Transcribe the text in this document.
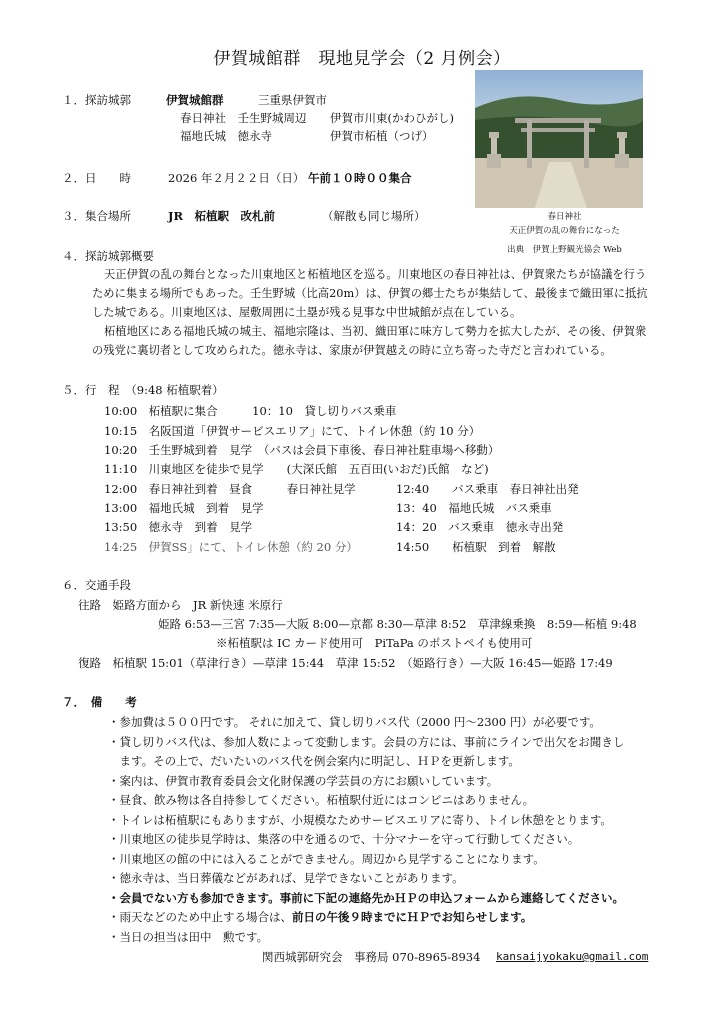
伊賀城館群　現地見学会（2 月例会）
１．探訪城郭	伊賀城館群	三重県伊賀市
春日神社　壬生野城周辺 伊賀市川東(かわひがし)
福地氏城　徳永寺	伊賀市柘植（つげ）
２．日　　時	2026 年２月２２日（日） 午前１０時００集合
３．集合場所	JR　柘植駅　改札前	（解散も同じ場所）	春日神社
天正伊賀の乱の舞台になった
出典　伊賀上野観光協会 Web
４．探訪城郭概要
天正伊賀の乱の舞台となった川東地区と柘植地区を巡る。川東地区の春日神社は、伊賀衆たちが協議を行うために集まる場所でもあった。壬生野城（比高20m）は、伊賀の郷士たちが集結して、最後まで織田軍に抵抗した城である。川東地区は、屋敷周囲に土塁が残る見事な中世城館が点在している。
柘植地区にある福地氏城の城主、福地宗隆は、当初、織田軍に味方して勢力を拡大したが、その後、伊賀衆の残党に裏切者として攻められた。徳永寺は、家康が伊賀越えの時に立ち寄った寺だと言われている。
５．行　程　（9:48 柘植駅着）
10:00　柘植駅に集合　　　10：10　貸し切りバス乗車
10:15　名阪国道「伊賀サービスエリア」にて、トイレ休憩（約 10 分）
10:20　壬生野城到着　見学　（バスは会員下車後、春日神社駐車場へ移動）
11:10　川東地区を徒歩で見学　　(大深氏館　五百田(いおだ)氏館　など)
12:00　春日神社到着　昼食　　　春日神社見学	12:40　　バス乗車　春日神社出発
13:00　福地氏城　到着　見学	13：40　福地氏城　バス乗車
13:50　徳永寺　到着　見学	14：20　バス乗車　徳永寺出発
14:25　伊賀SS」にて、トイレ休憩（約 20 分）	14:50　　柘植駅　到着　解散
６．交通手段
往路　姫路方面から　JR 新快速 米原行
姫路 6:53—三宮 7:35—大阪 8:00—京都 8:30—草津 8:52　草津線乗換　8:59—柘植 9:48
※柘植駅は IC カード使用可　PiTaPa のポストペイも使用可
復路　柘植駅 15:01（草津行き）—草津 15:44　草津 15:52　（姫路行き）—大阪 16:45—姫路 17:49
７．　備　　考
・参加費は５００円です。 それに加えて、貸し切りバス代（2000 円～2300 円）が必要です。
・貸し切りバス代は、参加人数によって変動します。会員の方には、事前にラインで出欠をお聞きし
　ます。その上で、だいたいのバス代を例会案内に明記し、ＨＰを更新します。
・案内は、伊賀市教育委員会文化財保護の学芸員の方にお願いしています。
・昼食、飲み物は各自持参してください。柘植駅付近にはコンビニはありません。
・トイレは柘植駅にもありますが、小規模なためサービスエリアに寄り、トイレ休憩をとります。
・川東地区の徒歩見学時は、集落の中を通るので、十分マナーを守って行動してください。
・川東地区の館の中には入ることができません。周辺から見学することになります。
・徳永寺は、当日葬儀などがあれば、見学できないことがあります。
・会員でない方も参加できます。事前に下記の連絡先かＨＰの申込フォームから連絡してください。
・雨天などのため中止する場合は、前日の午後９時までにＨＰでお知らせします。
・当日の担当は田中　勲です。
関西城郭研究会　事務局 070-8965-8934 kansaijyokaku@gmail.com
